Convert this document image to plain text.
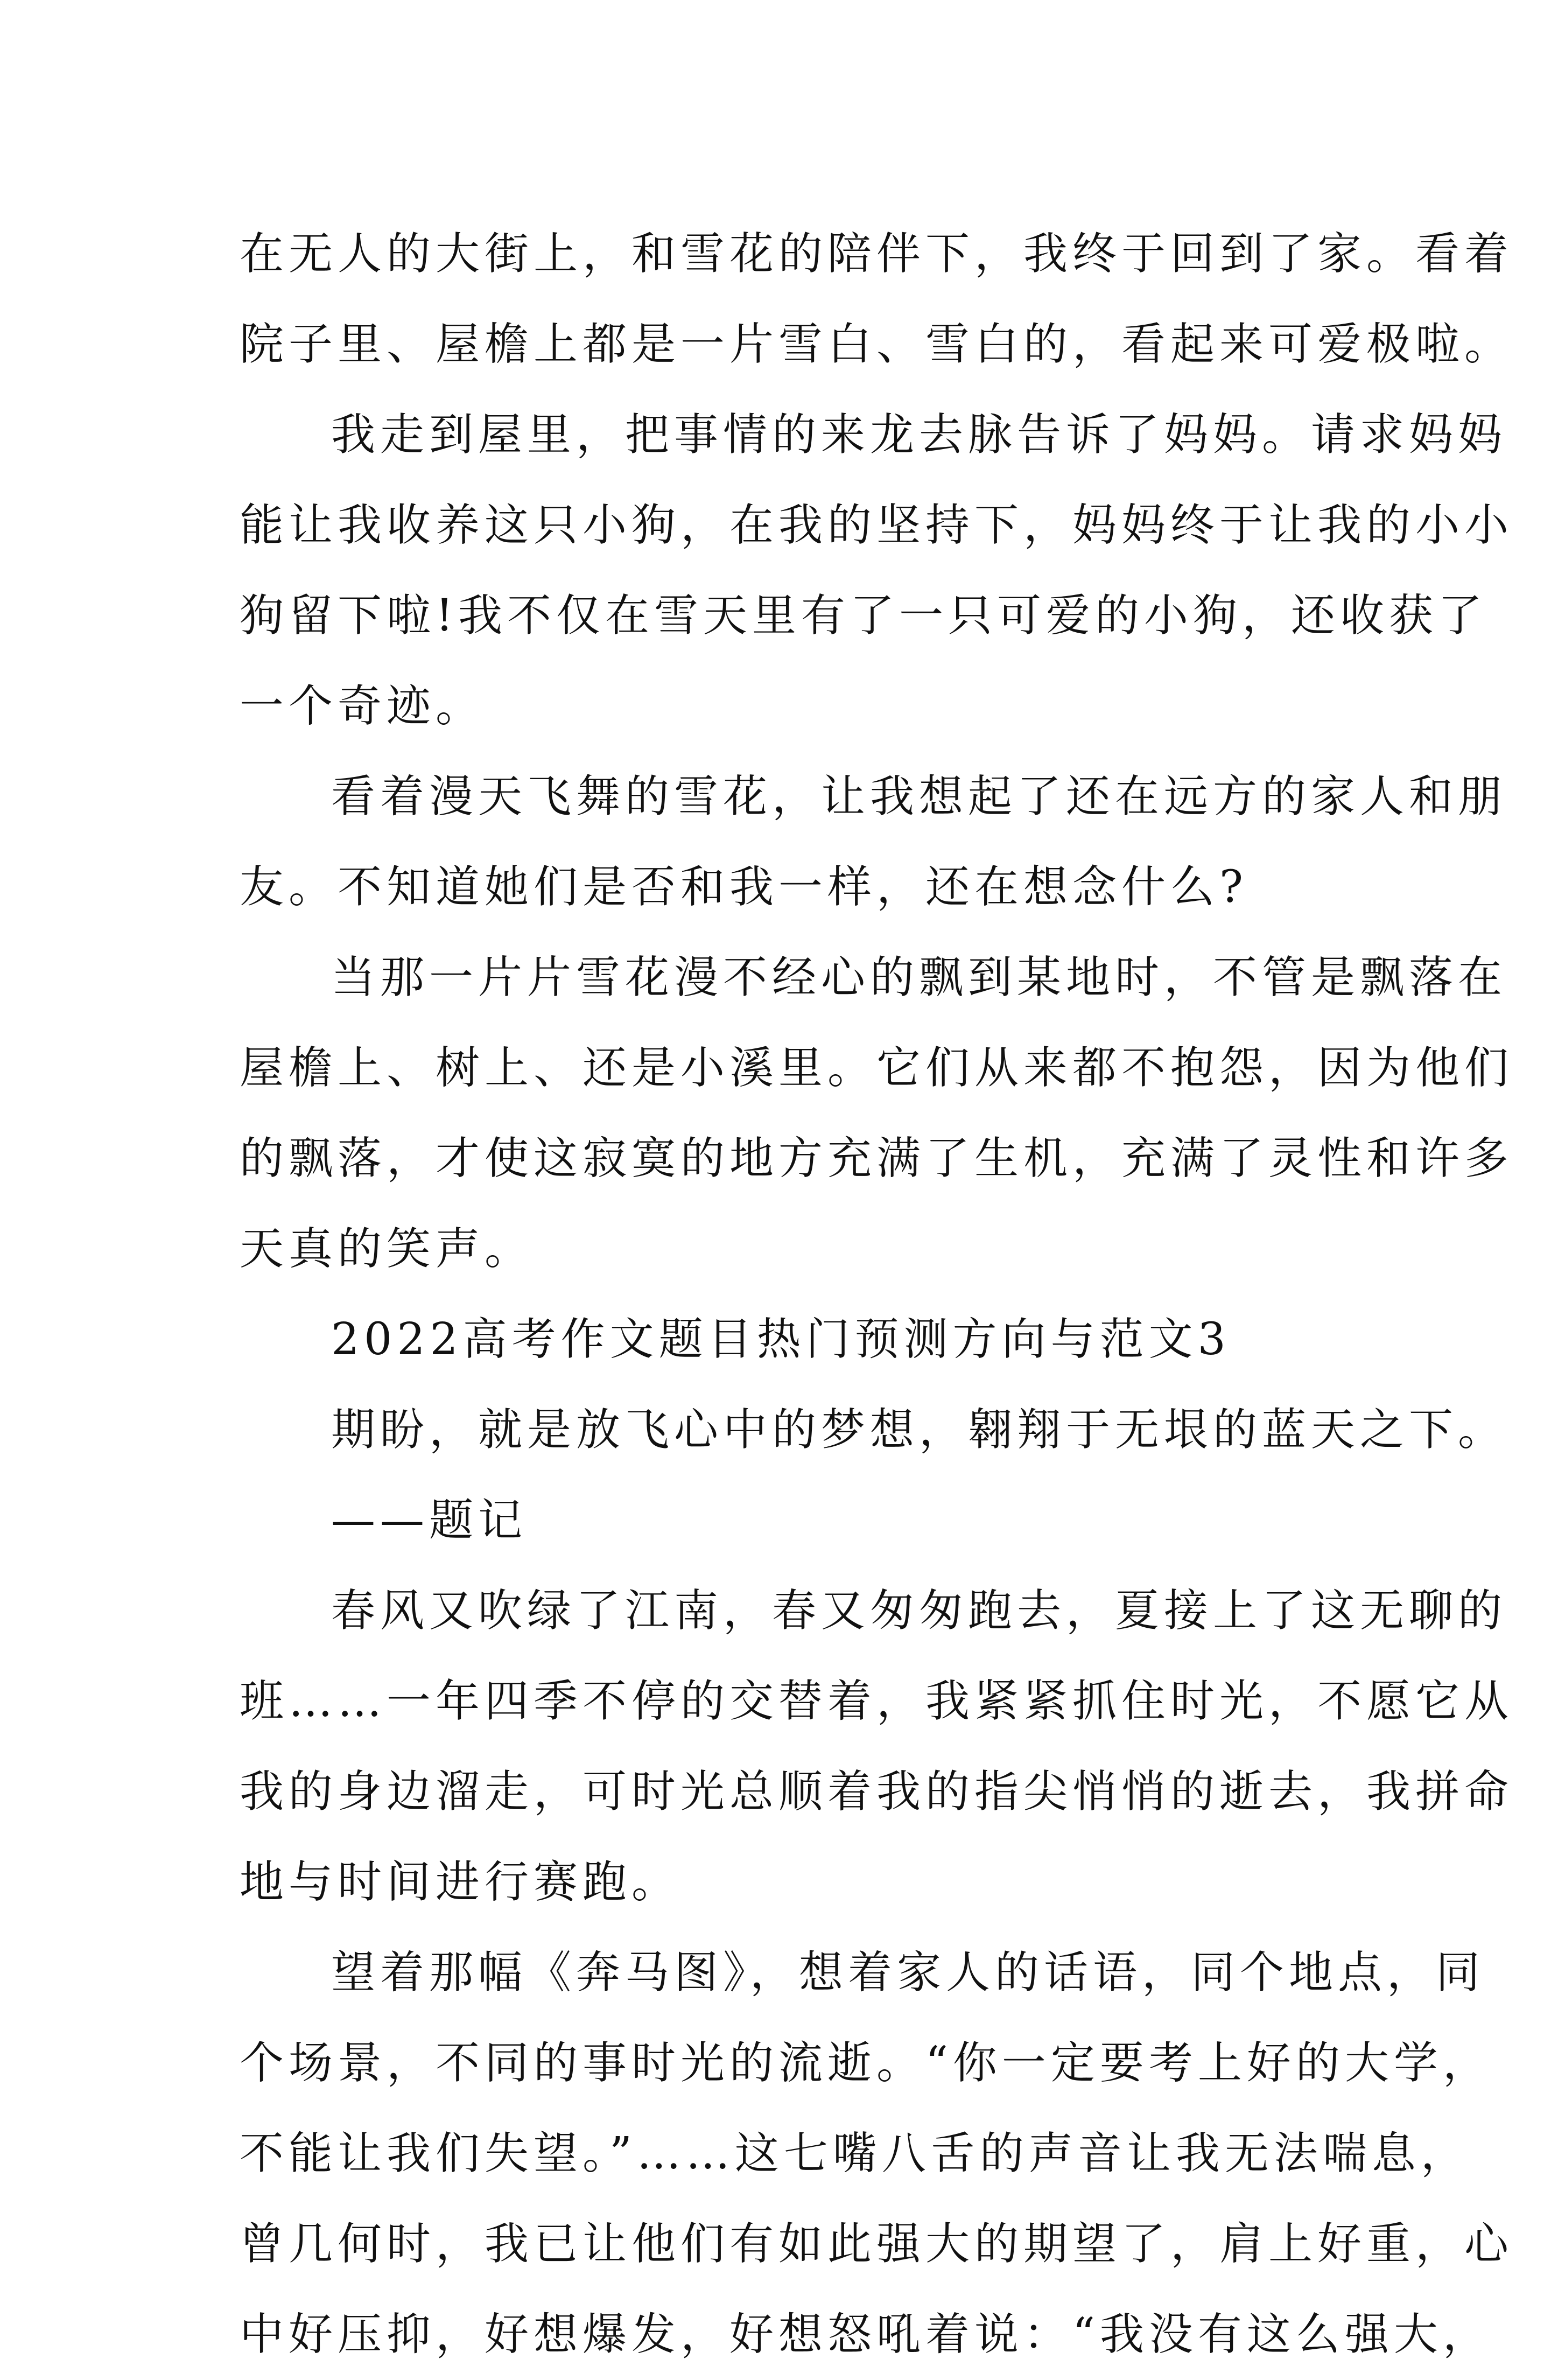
在无人的大街上，和雪花的陪伴下，我终于回到了家。看着
院子里、屋檐上都是一片雪白、雪白的，看起来可爱极啦。
我走到屋里，把事情的来龙去脉告诉了妈妈。请求妈妈
能让我收养这只小狗，在我的坚持下，妈妈终于让我的小小
狗留下啦!我不仅在雪天里有了一只可爱的小狗，还收获了
一个奇迹。
看着漫天飞舞的雪花，让我想起了还在远方的家人和朋
友。不知道她们是否和我一样，还在想念什么?
当那一片片雪花漫不经心的飘到某地时，不管是飘落在
屋檐上、树上、还是小溪里。它们从来都不抱怨，因为他们
的飘落，才使这寂寞的地方充满了生机，充满了灵性和许多
天真的笑声。
2022高考作文题目热门预测方向与范文3
期盼，就是放飞心中的梦想，翱翔于无垠的蓝天之下。
——题记
春风又吹绿了江南，春又匆匆跑去，夏接上了这无聊的
班……一年四季不停的交替着，我紧紧抓住时光，不愿它从
我的身边溜走，可时光总顺着我的指尖悄悄的逝去，我拼命
地与时间进行赛跑。
望着那幅《奔马图》，想着家人的话语，同个地点，同
个场景，不同的事时光的流逝。“你一定要考上好的大学，
不能让我们失望。”……这七嘴八舌的声音让我无法喘息，
曾几何时，我已让他们有如此强大的期望了，肩上好重，心
中好压抑，好想爆发，好想怒吼着说：“我没有这么强大，
